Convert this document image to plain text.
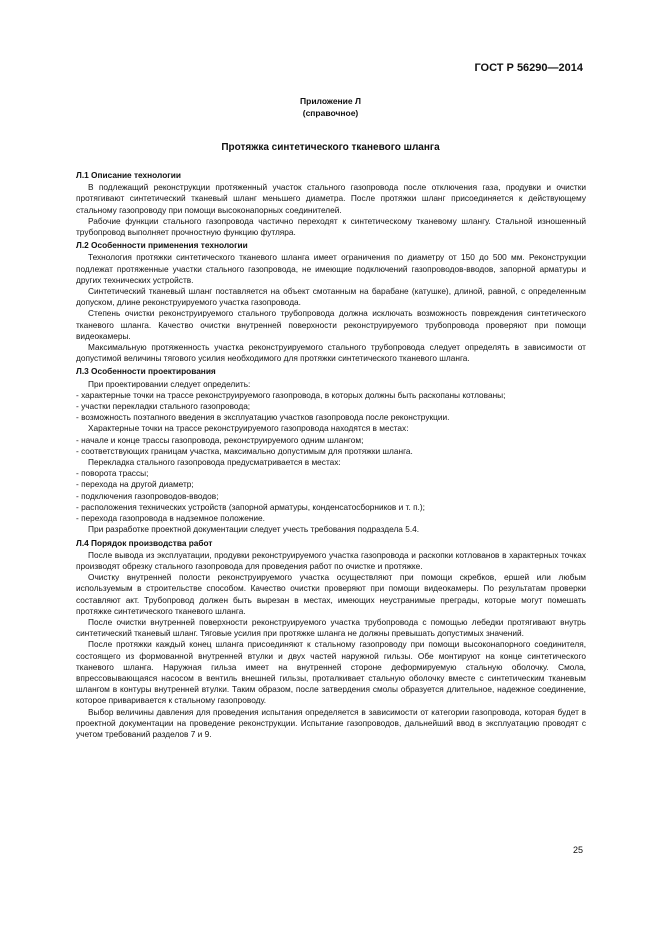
ГОСТ Р 56290—2014
Приложение Л
(справочное)
Протяжка синтетического тканевого шланга
Л.1 Описание технологии

В подлежащий реконструкции протяженный участок стального газопровода после отключения газа, продувки и очистки протягивают синтетический тканевый шланг меньшего диаметра. После протяжки шланг присоединяется к действующему стальному газопроводу при помощи высоконапорных соединителей.

Рабочие функции стального газопровода частично переходят к синтетическому тканевому шлангу. Стальной изношенный трубопровод выполняет прочностную функцию футляра.

Л.2 Особенности применения технологии

Технология протяжки синтетического тканевого шланга имеет ограничения по диаметру от 150 до 500 мм. Реконструкции подлежат протяженные участки стального газопровода, не имеющие подключений газопроводов-вводов, запорной арматуры и других технических устройств.

Синтетический тканевый шланг поставляется на объект смотанным на барабане (катушке), длиной, равной, с определенным допуском, длине реконструируемого участка газопровода.

Степень очистки реконструируемого стального трубопровода должна исключать возможность повреждения синтетического тканевого шланга. Качество очистки внутренней поверхности реконструируемого трубопровода проверяют при помощи видеокамеры.

Максимальную протяженность участка реконструируемого стального трубопровода следует определять в зависимости от допустимой величины тягового усилия необходимого для протяжки синтетического тканевого шланга.

Л.3 Особенности проектирования

При проектировании следует определить:

- характерные точки на трассе реконструируемого газопровода, в которых должны быть раскопаны котлованы;

- участки перекладки стального газопровода;

- возможность поэтапного введения в эксплуатацию участков газопровода после реконструкции.

Характерные точки на трассе реконструируемого газопровода находятся в местах:

- начале и конце трассы газопровода, реконструируемого одним шлангом;

- соответствующих границам участка, максимально допустимым для протяжки шланга.

Перекладка стального газопровода предусматривается в местах:

- поворота трассы;

- перехода на другой диаметр;

- подключения газопроводов-вводов;

- расположения технических устройств (запорной арматуры, конденсатосборников и т. п.);

- перехода газопровода в надземное положение.

При разработке проектной документации следует учесть требования подраздела 5.4.

Л.4 Порядок производства работ

После вывода из эксплуатации, продувки реконструируемого участка газопровода и раскопки котлованов в характерных точках производят обрезку стального газопровода для проведения работ по очистке и протяжке.

Очистку внутренней полости реконструируемого участка осуществляют при помощи скребков, ершей или любым используемым в строительстве способом. Качество очистки проверяют при помощи видеокамеры. По результатам проверки составляют акт. Трубопровод должен быть вырезан в местах, имеющих неустранимые преграды, которые могут помешать протяжке синтетического тканевого шланга.

После очистки внутренней поверхности реконструируемого участка трубопровода с помощью лебедки протягивают внутрь синтетический тканевый шланг. Тяговые усилия при протяжке шланга не должны превышать допустимых значений.

После протяжки каждый конец шланга присоединяют к стальному газопроводу при помощи высоконапорного соединителя, состоящего из формованной внутренней втулки и двух частей наружной гильзы. Обе монтируют на конце синтетического тканевого шланга. Наружная гильза имеет на внутренней стороне деформируемую стальную оболочку. Смола, впрессовывающаяся насосом в вентиль внешней гильзы, проталкивает стальную оболочку вместе с синтетическим тканевым шлангом в контуры внутренней втулки. Таким образом, после затвердения смолы образуется длительное, надежное соединение, которое приваривается к стальному газопроводу.

Выбор величины давления для проведения испытания определяется в зависимости от категории газопровода, которая будет в проектной документации на проведение реконструкции. Испытание газопроводов, дальнейший ввод в эксплуатацию проводят с учетом требований разделов 7 и 9.

25
